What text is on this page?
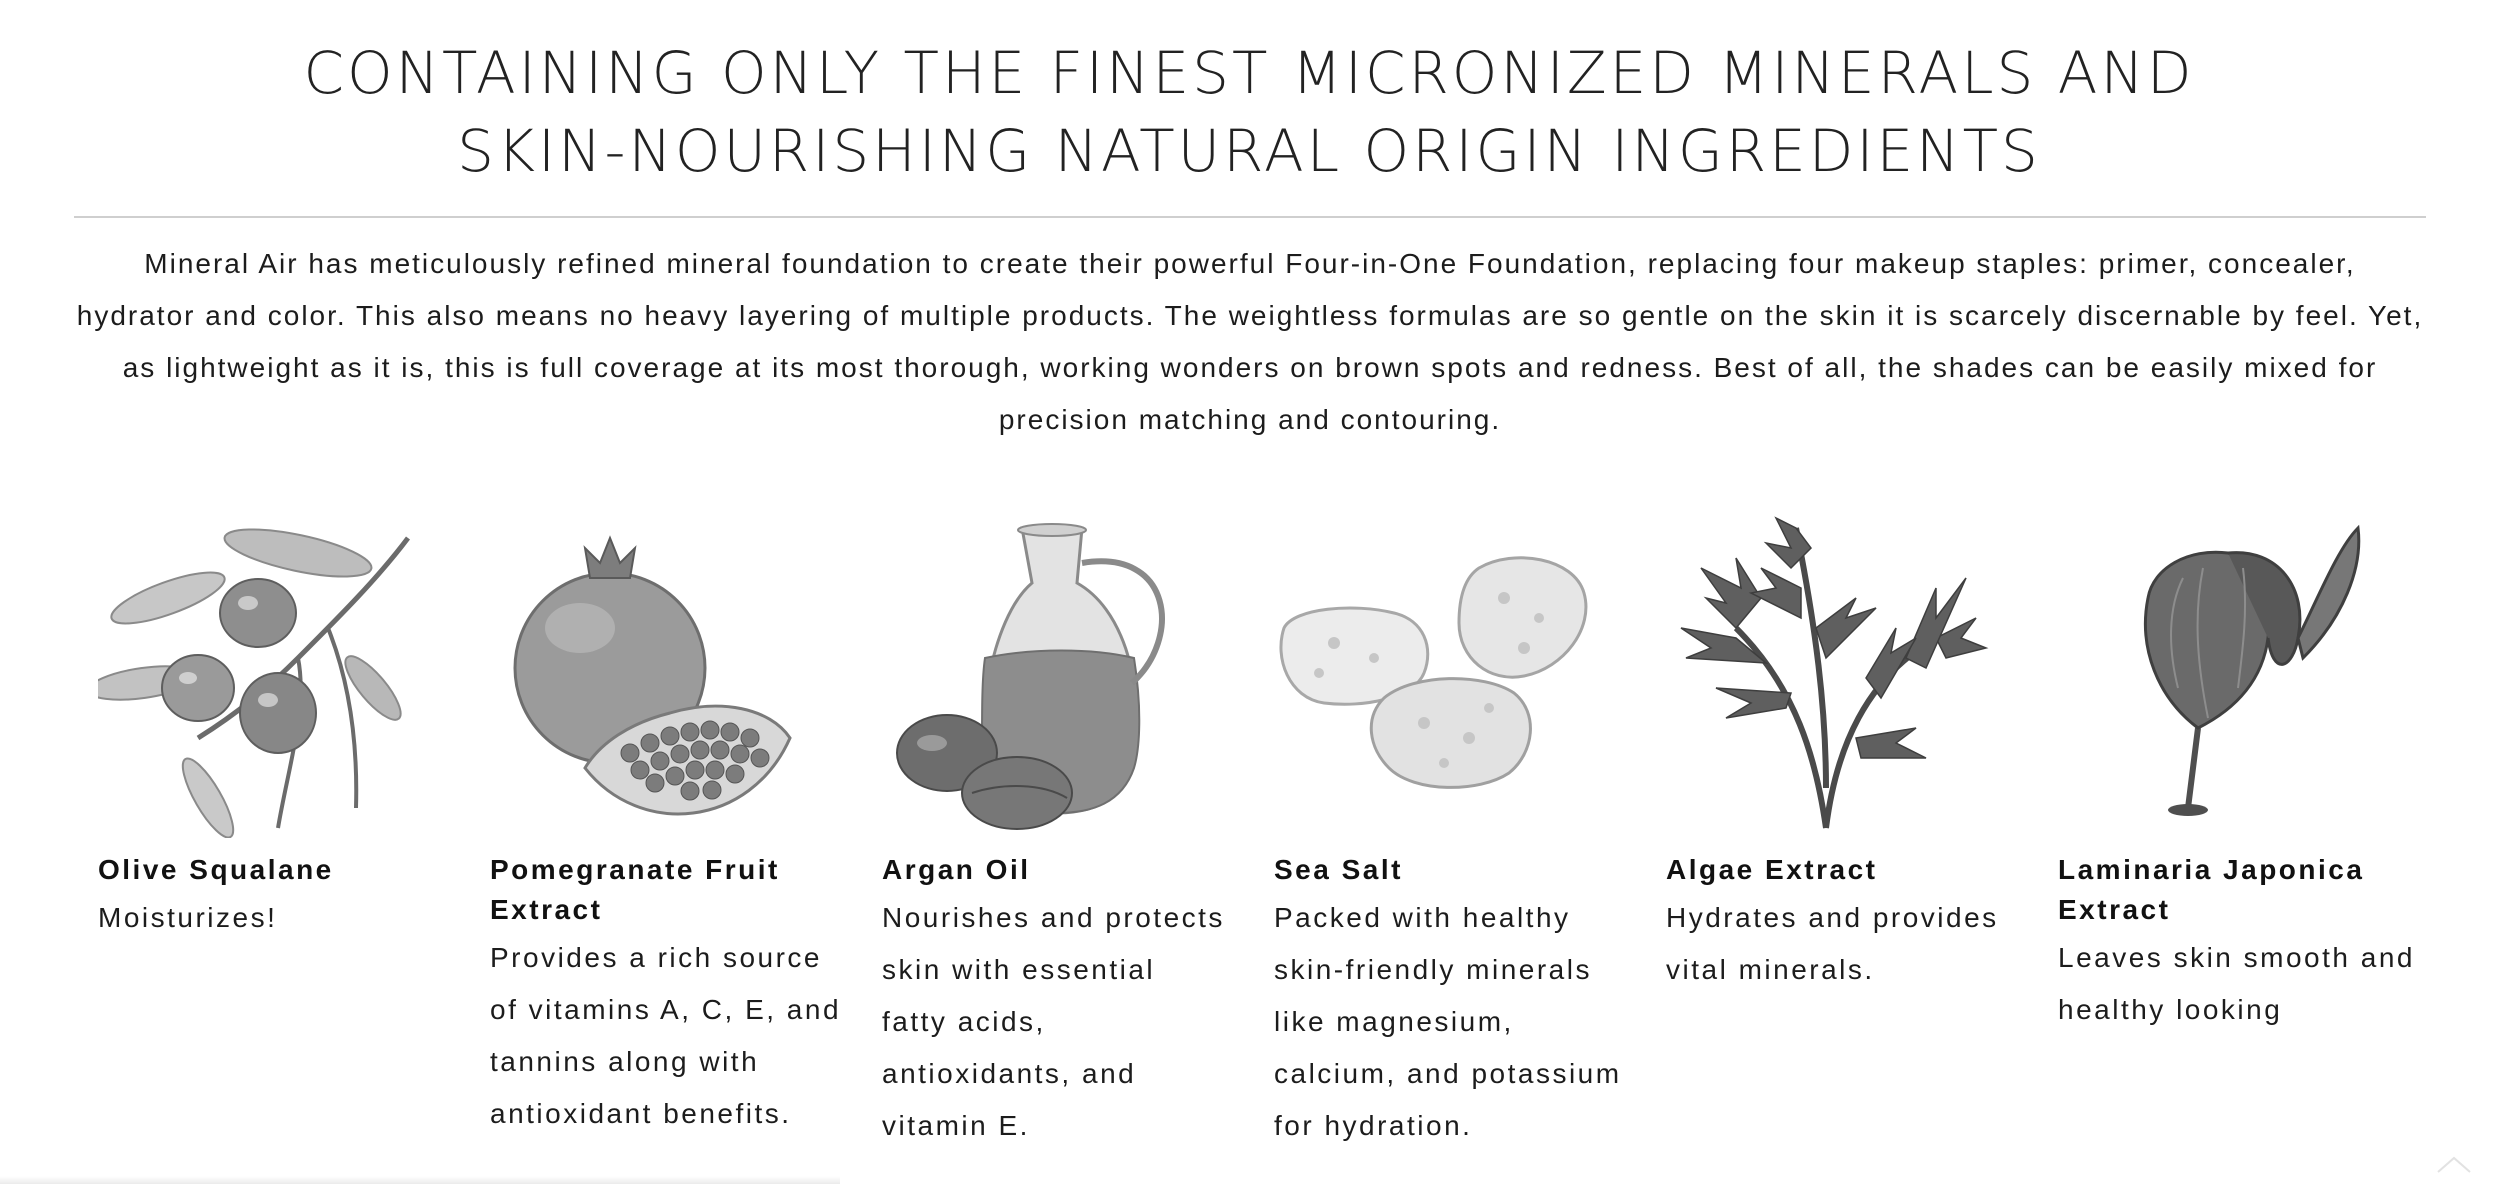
CONTAINING ONLY THE FINEST MICRONIZED MINERALS AND
SKIN-NOURISHING NATURAL ORIGIN INGREDIENTS
Mineral Air has meticulously refined mineral foundation to create their powerful Four-in-One Foundation, replacing four makeup staples: primer, concealer,
hydrator and color. This also means no heavy layering of multiple products. The weightless formulas are so gentle on the skin it is scarcely discernable by feel. Yet,
as lightweight as it is, this is full coverage at its most thorough, working wonders on brown spots and redness. Best of all, the shades can be easily mixed for
precision matching and contouring.
Olive Squalane
Moisturizes!
Pomegranate Fruit
Extract
Provides a rich source
of vitamins A, C, E, and
tannins along with
antioxidant benefits.
Argan Oil
Nourishes and protects
skin with essential
fatty acids,
antioxidants, and
vitamin E.
Sea Salt
Packed with healthy
skin-friendly minerals
like magnesium,
calcium, and potassium
for hydration.
Algae Extract
Hydrates and provides
vital minerals.
Laminaria Japonica
Extract
Leaves skin smooth and
healthy looking
